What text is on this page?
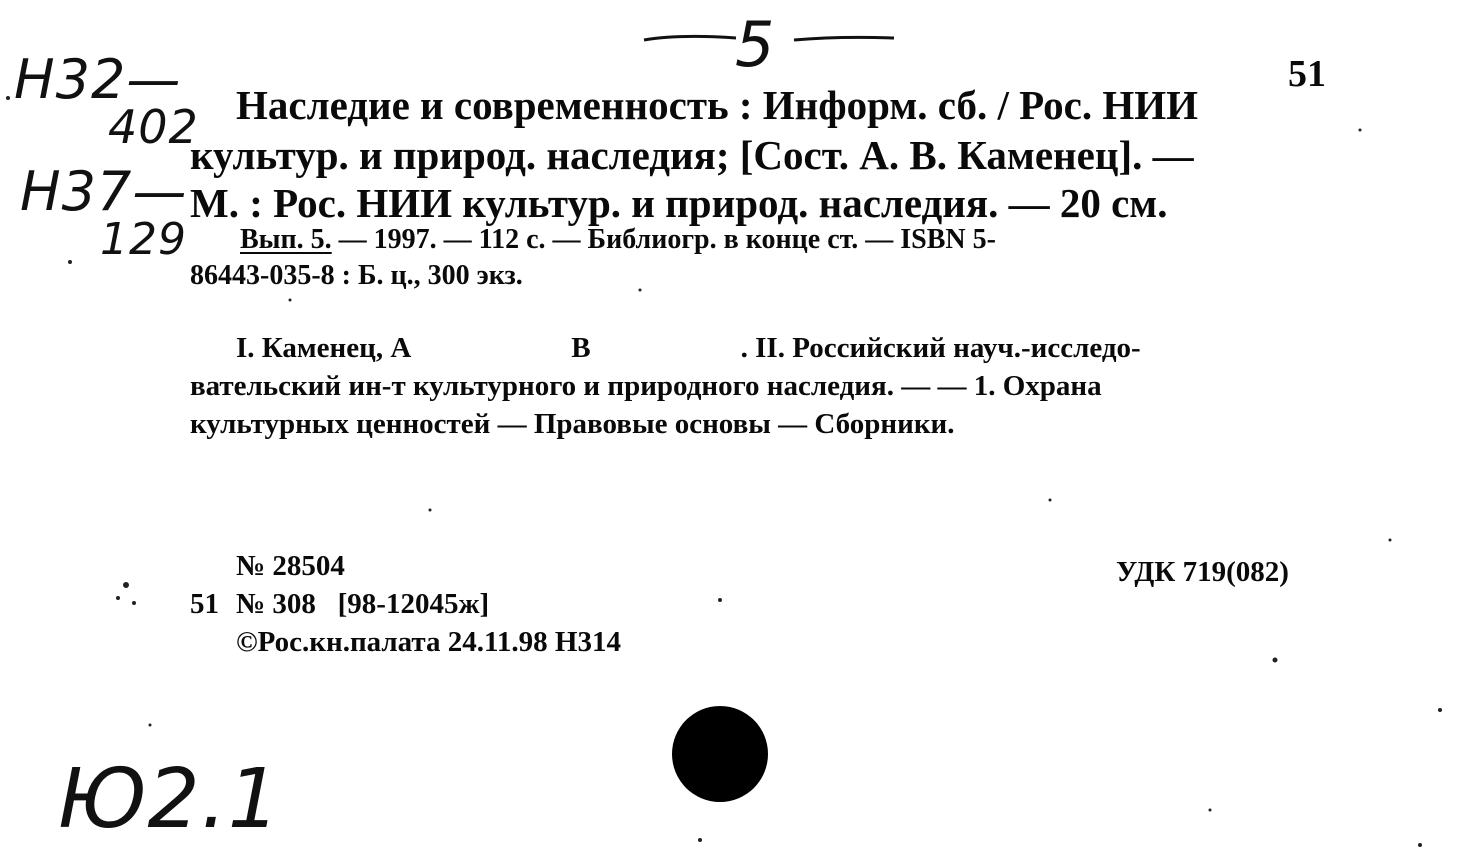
5	51
Н32—
402
Н37—
129
Наследие и современность : Информ. сб. / Рос. НИИ
культур. и природ. наследия; [Сост. А. В. Каменец]. —
М. : Рос. НИИ культур. и природ. наследия. — 20 см.
Вып. 5. — 1997. — 112 с. — Библиогр. в конце ст. — ISBN 5-
86443-035-8 : Б. ц., 300 экз.
I. Каменец, А	В	. II. Российский науч.-исследо-
вательский ин-т культурного и природного наследия. — — 1. Охрана
культурных ценностей — Правовые основы — Сборники.
№ 28504	УДК 719(082)
51 № 308   [98-12045ж]
©Рос.кн.палата 24.11.98 Н314
Ю2.1
